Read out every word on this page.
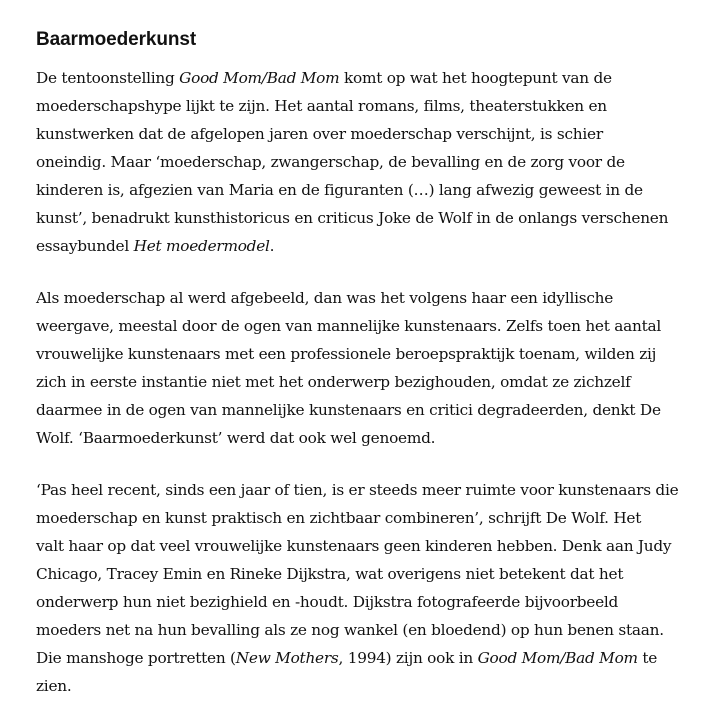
Baarmoederkunst

De tentoonstelling Good Mom/Bad Mom komt op wat het hoogtepunt van de
moederschapshype lijkt te zijn. Het aantal romans, films, theaterstukken en
kunstwerken dat de afgelopen jaren over moederschap verschijnt, is schier
oneindig. Maar ‘moederschap, zwangerschap, de bevalling en de zorg voor de
kinderen is, afgezien van Maria en de figuranten (…) lang afwezig geweest in de
kunst’, benadrukt kunsthistoricus en criticus Joke de Wolf in de onlangs verschenen
essaybundel Het moedermodel.

Als moederschap al werd afgebeeld, dan was het volgens haar een idyllische
weergave, meestal door de ogen van mannelijke kunstenaars. Zelfs toen het aantal
vrouwelijke kunstenaars met een professionele beroepspraktijk toenam, wilden zij
zich in eerste instantie niet met het onderwerp bezighouden, omdat ze zichzelf
daarmee in de ogen van mannelijke kunstenaars en critici degradeerden, denkt De
Wolf. ‘Baarmoederkunst’ werd dat ook wel genoemd.

‘Pas heel recent, sinds een jaar of tien, is er steeds meer ruimte voor kunstenaars die
moederschap en kunst praktisch en zichtbaar combineren’, schrijft De Wolf. Het
valt haar op dat veel vrouwelijke kunstenaars geen kinderen hebben. Denk aan Judy
Chicago, Tracey Emin en Rineke Dijkstra, wat overigens niet betekent dat het
onderwerp hun niet bezighield en -houdt. Dijkstra fotografeerde bijvoorbeeld
moeders net na hun bevalling als ze nog wankel (en bloedend) op hun benen staan.
Die manshoge portretten (New Mothers, 1994) zijn ook in Good Mom/Bad Mom te
zien.
